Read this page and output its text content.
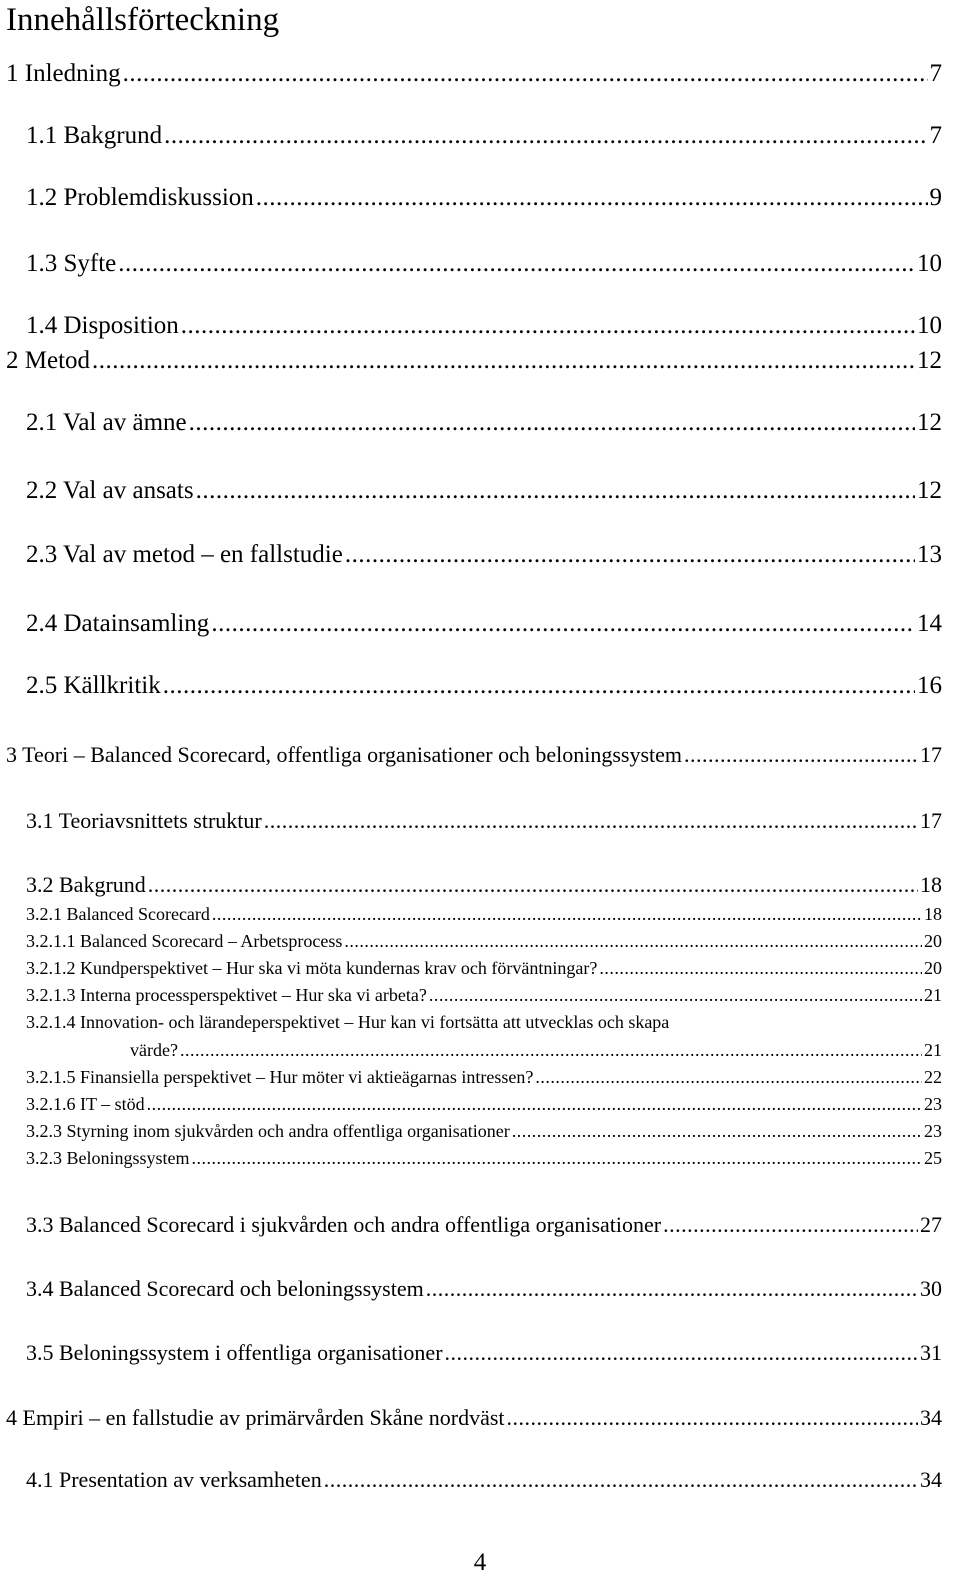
Innehållsförteckning
1 Inledning .....	7
1.1 Bakgrund .....	7
1.2 Problemdiskussion .....	9
1.3 Syfte .....	10
1.4 Disposition .....	10
2 Metod .....	12
2.1 Val av ämne .....	12
2.2 Val av ansats .....	12
2.3 Val av metod – en fallstudie .....	13
2.4 Datainsamling .....	14
2.5 Källkritik .....	16
3 Teori – Balanced Scorecard, offentliga organisationer och beloningssystem .....	17
3.1 Teoriavsnittets struktur .....	17
3.2 Bakgrund .....	18
3.2.1 Balanced Scorecard .....	18
3.2.1.1 Balanced Scorecard – Arbetsprocess .....	20
3.2.1.2 Kundperspektivet – Hur ska vi möta kundernas krav och förväntningar? .....	20
3.2.1.3 Interna processperspektivet – Hur ska vi arbeta? .....	21
3.2.1.4 Innovation- och lärandeperspektivet – Hur kan vi fortsätta att utvecklas och skapa
värde? .....	21
3.2.1.5 Finansiella perspektivet – Hur möter vi aktieägarnas intressen? .....	22
3.2.1.6 IT – stöd .....	23
3.2.3 Styrning inom sjukvården och andra offentliga organisationer .....	23
3.2.3 Beloningssystem .....	25
3.3 Balanced Scorecard i sjukvården och andra offentliga organisationer .....	27
3.4 Balanced Scorecard och beloningssystem .....	30
3.5 Beloningssystem i offentliga organisationer .....	31
4 Empiri – en fallstudie av primärvården Skåne nordväst .....	34
4.1 Presentation av verksamheten .....	34
4
